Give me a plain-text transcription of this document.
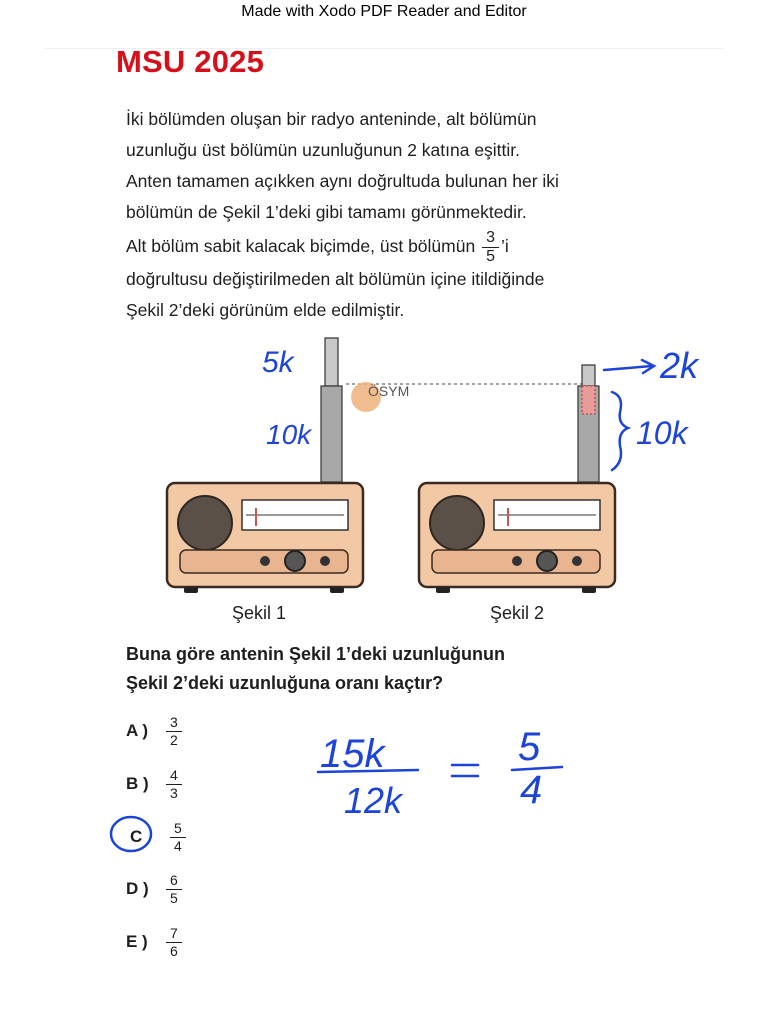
Made with Xodo PDF Reader and Editor
MSU 2025
İki bölümden oluşan bir radyo anteninde, alt bölümün
uzunluğu üst bölümün uzunluğunun 2 katına eşittir.
Anten tamamen açıkken aynı doğrultuda bulunan her iki
bölümün de Şekil 1’deki gibi tamamı görünmektedir.
Alt bölüm sabit kalacak biçimde, üst bölümün $\frac{3}{5}$ ’i
doğrultusu değiştirilmeden alt bölümün içine itildiğinde
Şekil 2’deki görünüm elde edilmiştir.
ÖSYM
Şekil 1	Şekil 2
Buna göre antenin Şekil 1’deki uzunluğunun
Şekil 2’deki uzunluğuna oranı kaçtır?
A )	$\frac{3}{2}$
B )	$\frac{4}{3}$
C	$\frac{5}{4}$
D )	$\frac{6}{5}$
E )	$\frac{7}{6}$
5k
10k
2k
10k
15k
12k
5
4
